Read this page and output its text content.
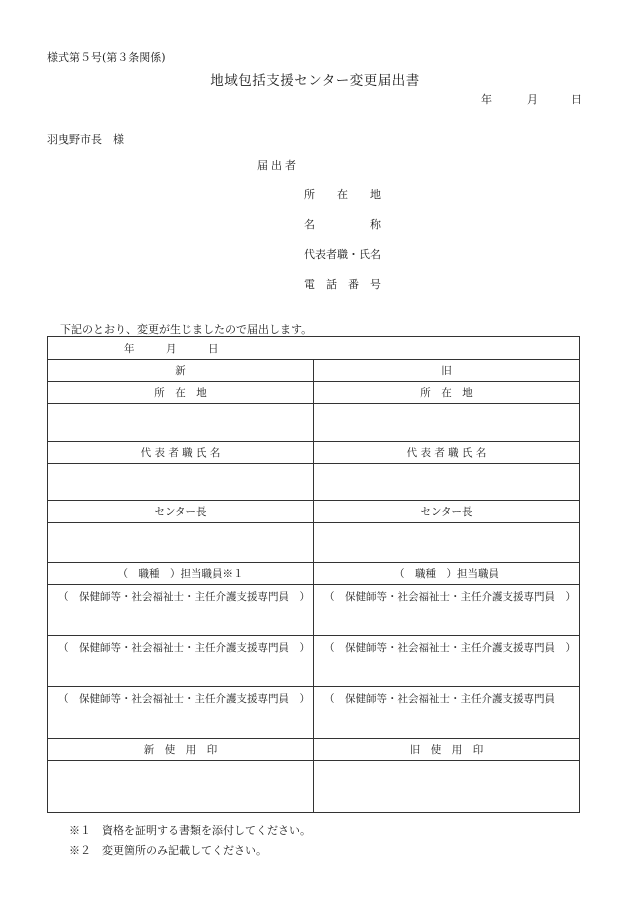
様式第５号(第３条関係)
地域包括支援センター変更届出書
年	月	日
羽曳野市長　様
届出者
所　　在　　地
名　　　　　称
代表者職・氏名
電　話　番　号
下記のとおり、変更が生じましたので届出します。
年　　　月　　　日	
新	旧
所　在　地	所　在　地

代 表 者 職 氏 名	代 表 者 職 氏 名

センター長	センター長

（　職種　）担当職員※１	（　職種　）担当職員
（　保健師等・社会福祉士・主任介護支援専門員　）	（　保健師等・社会福祉士・主任介護支援専門員　）
（　保健師等・社会福祉士・主任介護支援専門員　）	（　保健師等・社会福祉士・主任介護支援専門員　）
（　保健師等・社会福祉士・主任介護支援専門員　）	（　保健師等・社会福祉士・主任介護支援専門員
新　使　用　印	旧　使　用　印

※１　資格を証明する書類を添付してください。
※２　変更箇所のみ記載してください。
